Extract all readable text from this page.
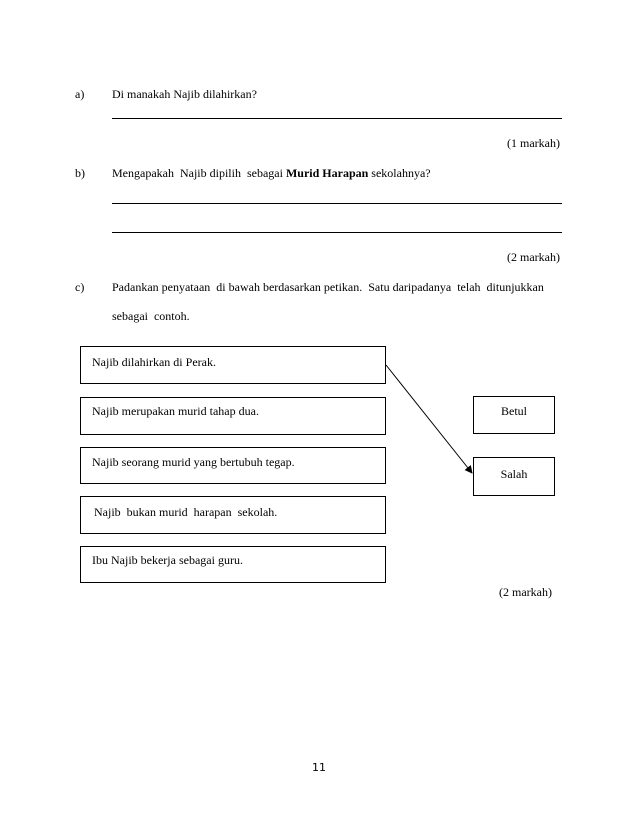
a) Di manakah Najib dilahirkan?
(1 markah)
b) Mengapakah  Najib dipilih  sebagai Murid Harapan sekolahnya?
(2 markah)
c) Padankan penyataan  di bawah berdasarkan petikan.  Satu daripadanya  telah  ditunjukkan
sebagai  contoh.
Najib dilahirkan di Perak.
Najib merupakan murid tahap dua.
Najib seorang murid yang bertubuh tegap.
Najib  bukan murid  harapan  sekolah.
Ibu Najib bekerja sebagai guru.
Betul
Salah
(2 markah)
11
